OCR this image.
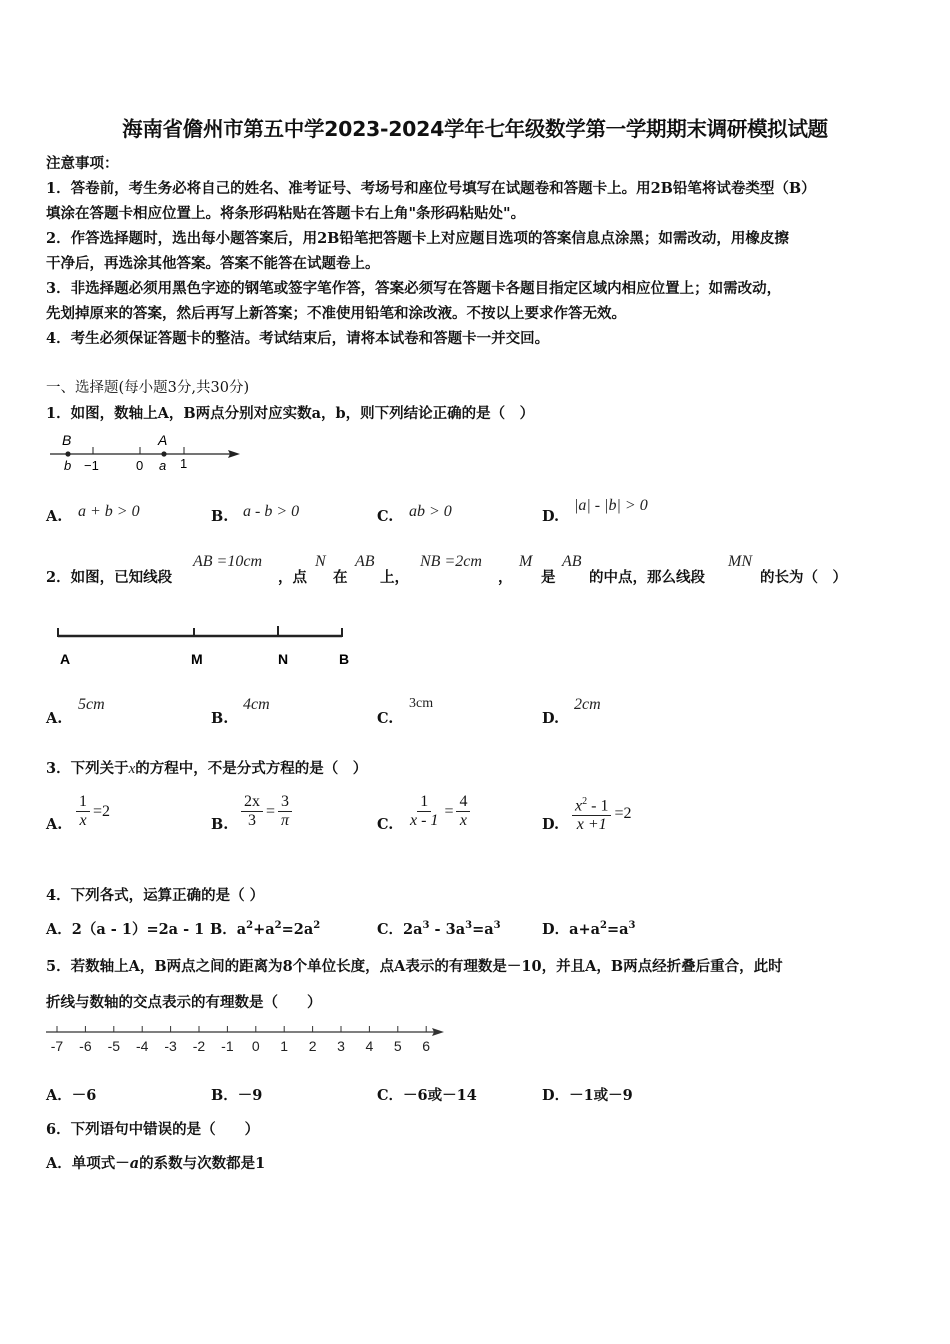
海南省儋州市第五中学2023-2024学年七年级数学第一学期期末调研模拟试题
注意事项：
1．答卷前，考生务必将自己的姓名、准考证号、考场号和座位号填写在试题卷和答题卡上。用2B铅笔将试卷类型（B）
填涂在答题卡相应位置上。将条形码粘贴在答题卡右上角"条形码粘贴处"。
2．作答选择题时，选出每小题答案后，用2B铅笔把答题卡上对应题目选项的答案信息点涂黑；如需改动，用橡皮擦
干净后，再选涂其他答案。答案不能答在试题卷上。
3．非选择题必须用黑色字迹的钢笔或签字笔作答，答案必须写在答题卡各题目指定区域内相应位置上；如需改动，
先划掉原来的答案，然后再写上新答案；不准使用铅笔和涂改液。不按以上要求作答无效。
4．考生必须保证答题卡的整洁。考试结束后，请将本试卷和答题卡一并交回。
一、选择题(每小题3分,共30分)
1．如图，数轴上A，B两点分别对应实数a，b，则下列结论正确的是（　）
B
b −1	0
A
a 1
A. a + b > 0	B. a - b > 0	C. ab > 0	D.
|a| - |b| > 0
2．如图，已知线段
AB =10cm
，点
N
在
AB
上，
NB =2cm
，
M
是
AB
的中点，那么线段
MN
的长为（　）
A	M	N	B
A.
5cm
B.
4cm
C.
3cm
D.
2cm
3．下列关于x的方程中，不是分式方程的是（　）
A. $\frac{1}{x} =2$
B. $\frac{2x}{3} = \frac{3}{\pi}$	C. $\frac{1}{x - 1} = \frac{4}{x}$	D. $\frac{x^2 - 1}{x +1} =2$
4．下列各式，运算正确的是（ ）
A．2（a - 1）=2a - 1 B．$a^2+a^2=2a^2$	C．$2a^3 - 3a^3=a^3$	D．$a+a^2=a^3$
5．若数轴上A，B两点之间的距离为8个单位长度，点A表示的有理数是－10，并且A，B两点经折叠后重合，此时
折线与数轴的交点表示的有理数是（　　）
-7 -6 -5 -4 -3 -2 -1 0 1 2 3 4 5 6
A．－6	B．－9	C．－6或－14	D．－1或－9
6．下列语句中错误的是（　　）
A．单项式－a的系数与次数都是1
